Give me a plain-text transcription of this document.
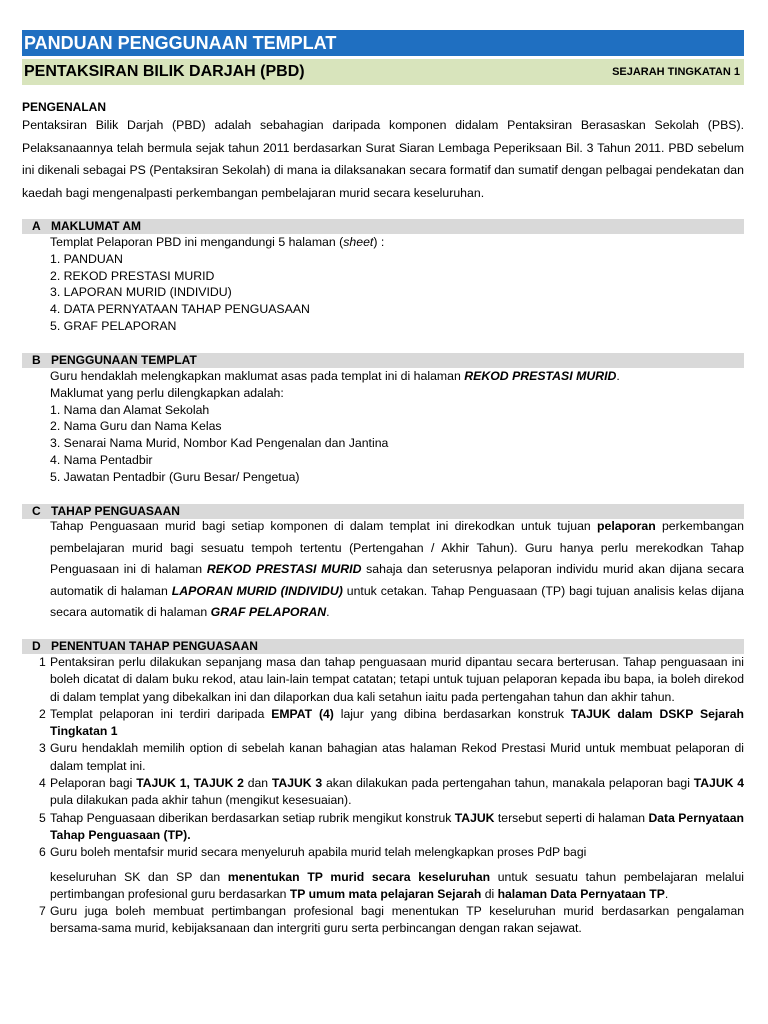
PANDUAN PENGGUNAAN TEMPLAT
PENTAKSIRAN BILIK DARJAH (PBD)	SEJARAH TINGKATAN 1
PENGENALAN
Pentaksiran Bilik Darjah (PBD) adalah sebahagian daripada komponen didalam Pentaksiran Berasaskan Sekolah (PBS). Pelaksanaannya telah bermula sejak tahun 2011 berdasarkan Surat Siaran Lembaga Peperiksaan Bil. 3 Tahun 2011. PBD sebelum ini dikenali sebagai PS (Pentaksiran Sekolah) di mana ia dilaksanakan secara formatif dan sumatif dengan pelbagai pendekatan dan kaedah bagi mengenalpasti perkembangan pembelajaran murid secara keseluruhan.
A MAKLUMAT AM
Templat Pelaporan PBD ini mengandungi 5 halaman (sheet) :
1. PANDUAN
2. REKOD PRESTASI MURID
3. LAPORAN MURID (INDIVIDU)
4. DATA PERNYATAAN TAHAP PENGUASAAN
5. GRAF PELAPORAN
B PENGGUNAAN TEMPLAT
Guru hendaklah melengkapkan maklumat asas pada templat ini di halaman REKOD PRESTASI MURID.
Maklumat yang perlu dilengkapkan adalah:
1. Nama dan Alamat Sekolah
2. Nama Guru dan Nama Kelas
3. Senarai Nama Murid, Nombor Kad Pengenalan dan Jantina
4. Nama Pentadbir
5. Jawatan Pentadbir (Guru Besar/ Pengetua)
C TAHAP PENGUASAAN
Tahap Penguasaan murid bagi setiap komponen di dalam templat ini direkodkan untuk tujuan pelaporan perkembangan pembelajaran murid bagi sesuatu tempoh tertentu (Pertengahan / Akhir Tahun). Guru hanya perlu merekodkan Tahap Penguasaan ini di halaman REKOD PRESTASI MURID sahaja dan seterusnya pelaporan individu murid akan dijana secara automatik di halaman LAPORAN MURID (INDIVIDU) untuk cetakan. Tahap Penguasaan (TP) bagi tujuan analisis kelas dijana secara automatik di halaman GRAF PELAPORAN.
D PENENTUAN TAHAP PENGUASAAN
1 Pentaksiran perlu dilakukan sepanjang masa dan tahap penguasaan murid dipantau secara berterusan. Tahap penguasaan ini boleh dicatat di dalam buku rekod, atau lain-lain tempat catatan; tetapi untuk tujuan pelaporan kepada ibu bapa, ia boleh direkod di dalam templat yang dibekalkan ini dan dilaporkan dua kali setahun iaitu pada pertengahan tahun dan akhir tahun.
2 Templat pelaporan ini terdiri daripada EMPAT (4) lajur yang dibina berdasarkan konstruk TAJUK dalam DSKP Sejarah Tingkatan 1
3 Guru hendaklah memilih option di sebelah kanan bahagian atas halaman Rekod Prestasi Murid untuk membuat pelaporan di dalam templat ini.
4 Pelaporan bagi TAJUK 1, TAJUK 2 dan TAJUK 3 akan dilakukan pada pertengahan tahun, manakala pelaporan bagi TAJUK 4 pula dilakukan pada akhir tahun (mengikut kesesuaian).
5 Tahap Penguasaan diberikan berdasarkan setiap rubrik mengikut konstruk TAJUK tersebut seperti di halaman Data Pernyataan Tahap Penguasaan (TP).
6 Guru boleh mentafsir murid secara menyeluruh apabila murid telah melengkapkan proses PdP bagi
keseluruhan SK dan SP dan menentukan TP murid secara keseluruhan untuk sesuatu tahun pembelajaran melalui pertimbangan profesional guru berdasarkan TP umum mata pelajaran Sejarah di halaman Data Pernyataan TP.
7 Guru juga boleh membuat pertimbangan profesional bagi menentukan TP keseluruhan murid berdasarkan pengalaman bersama-sama murid, kebijaksanaan dan intergriti guru serta perbincangan dengan rakan sejawat.
